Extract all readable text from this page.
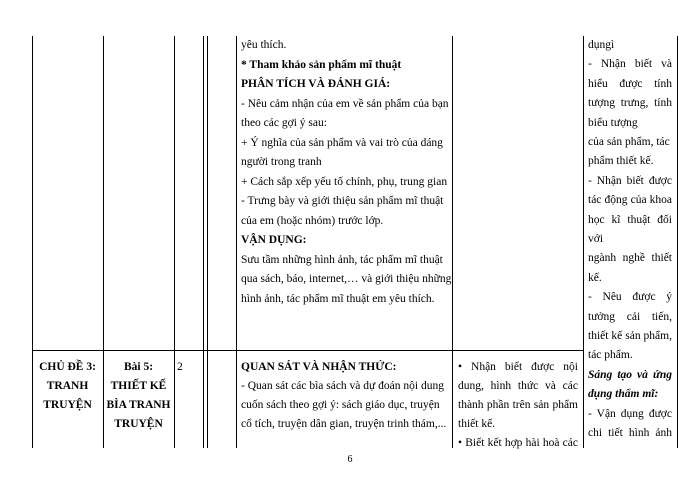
yêu thích.
* Tham khảo sản phẩm mĩ thuật
PHÂN TÍCH VÀ ĐÁNH GIÁ:
- Nêu cảm nhận của em về sản phẩm của bạn
theo các gợi ý sau:
+ Ý nghĩa của sản phẩm và vai trò của dáng
người trong tranh
+ Cách sắp xếp yếu tố chính, phụ, trung gian
- Trưng bày và giới thiệu sản phẩm mĩ thuật
của em (hoặc nhóm) trước lớp.
VẬN DỤNG:
Sưu tầm những hình ảnh, tác phẩm mĩ thuật
qua sách, báo, internet,… và giới thiệu những
hình ảnh, tác phẩm mĩ thuật em yêu thích.
CHỦ ĐỀ 3:
TRANH
TRUYỆN
Bài 5:
THIẾT KẾ
BÌA TRANH
TRUYỆN
2	QUAN SÁT VÀ NHẬN THỨC:
- Quan sát các bìa sách và dự đoán nội dung
cuốn sách theo gợi ý: sách giáo dục, truyện
cổ tích, truyện dân gian, truyện trinh thám,...
• Nhận biết được nội
dung, hình thức và các
thành phần trên sản phẩm
thiết kế.
• Biết kết hợp hài hoà các
dụngì
- Nhận biết và
hiểu được tính
tượng trưng, tính
biểu tượng
của sản phẩm, tác
phẩm thiết kế.
- Nhận biết được
tác động của khoa
học kĩ thuật đối
với
ngành nghề thiết
kế.
- Nêu được ý
tưởng cải tiến,
thiết kế sản phẩm,
tác phẩm.
Sáng tạo và ứng
dụng thẩm mĩ:
- Vận dụng được
chi tiết hình ảnh
6
